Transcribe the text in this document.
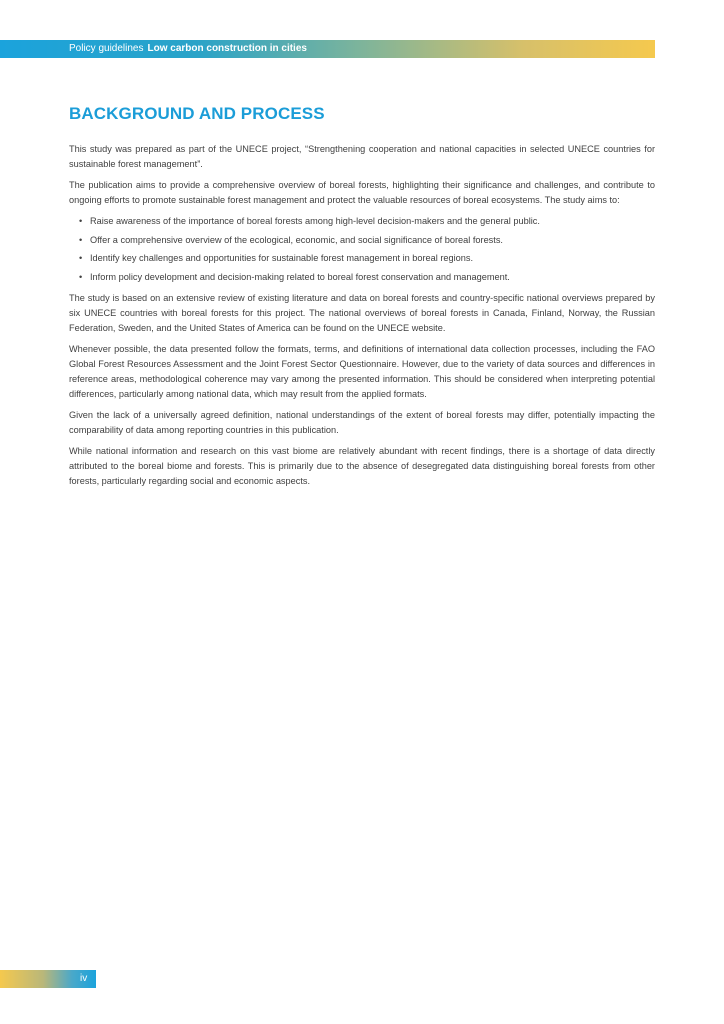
Policy guidelines Low carbon construction in cities
BACKGROUND AND PROCESS

This study was prepared as part of the UNECE project, “Strengthening cooperation and national capacities in selected UNECE countries for sustainable forest management”.

The publication aims to provide a comprehensive overview of boreal forests, highlighting their significance and challenges, and contribute to ongoing efforts to promote sustainable forest management and protect the valuable resources of boreal ecosystems. The study aims to:

• Raise awareness of the importance of boreal forests among high-level decision-makers and the general public.
• Offer a comprehensive overview of the ecological, economic, and social significance of boreal forests.
• Identify key challenges and opportunities for sustainable forest management in boreal regions.
• Inform policy development and decision-making related to boreal forest conservation and management.

The study is based on an extensive review of existing literature and data on boreal forests and country-specific national overviews prepared by six UNECE countries with boreal forests for this project. The national overviews of boreal forests in Canada, Finland, Norway, the Russian Federation, Sweden, and the United States of America can be found on the UNECE website.

Whenever possible, the data presented follow the formats, terms, and definitions of international data collection processes, including the FAO Global Forest Resources Assessment and the Joint Forest Sector Questionnaire. However, due to the variety of data sources and differences in reference areas, methodological coherence may vary among the presented information. This should be considered when interpreting potential differences, particularly among national data, which may result from the applied formats.

Given the lack of a universally agreed definition, national understandings of the extent of boreal forests may differ, potentially impacting the comparability of data among reporting countries in this publication.

While national information and research on this vast biome are relatively abundant with recent findings, there is a shortage of data directly attributed to the boreal biome and forests. This is primarily due to the absence of desegregated data distinguishing boreal forests from other forests, particularly regarding social and economic aspects.

iv
